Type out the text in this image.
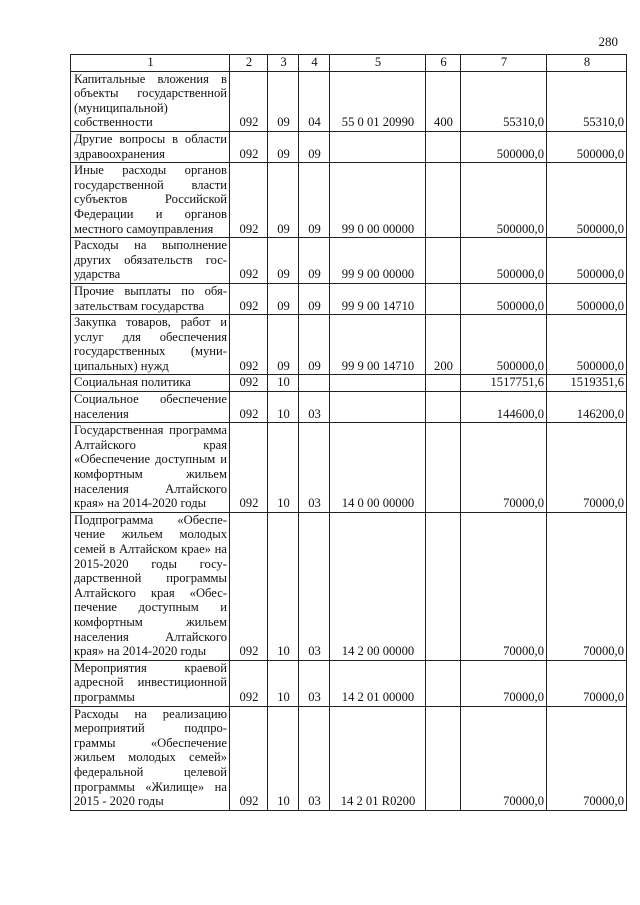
280
1	2	3	4	5	6	7	8
Капитальные вложения в объекты государственной (муниципальной) собственности	092	09	04	55 0 01 20990	400	55310,0	55310,0
Другие вопросы в области здравоохранения	092	09	09			500000,0	500000,0
Иные расходы органов государственной власти субъектов Российской Федерации и органов местного самоуправления	092	09	09	99 0 00 00000		500000,0	500000,0
Расходы на выполнение других обязательств государства	092	09	09	99 9 00 00000		500000,0	500000,0
Прочие выплаты по обязательствам государства	092	09	09	99 9 00 14710		500000,0	500000,0
Закупка товаров, работ и услуг для обеспечения государственных (муниципальных) нужд	092	09	09	99 9 00 14710	200	500000,0	500000,0
Социальная политика	092	10				1517751,6	1519351,6
Социальное обеспечение населения	092	10	03			144600,0	146200,0
Государственная программа Алтайского края «Обеспечение доступным и комфортным жильем населения Алтайского края» на 2014-2020 годы	092	10	03	14 0 00 00000		70000,0	70000,0
Подпрограмма «Обеспечение жильем молодых семей в Алтайском крае» на 2015-2020 годы государственной программы Алтайского края «Обеспечение доступным и комфортным жильем населения Алтайского края» на 2014-2020 годы	092	10	03	14 2 00 00000		70000,0	70000,0
Мероприятия краевой адресной инвестиционной программы	092	10	03	14 2 01 00000		70000,0	70000,0
Расходы на реализацию мероприятий подпрограммы «Обеспечение жильем молодых семей» федеральной целевой программы «Жилище» на 2015 - 2020 годы	092	10	03	14 2 01 R0200		70000,0	70000,0
